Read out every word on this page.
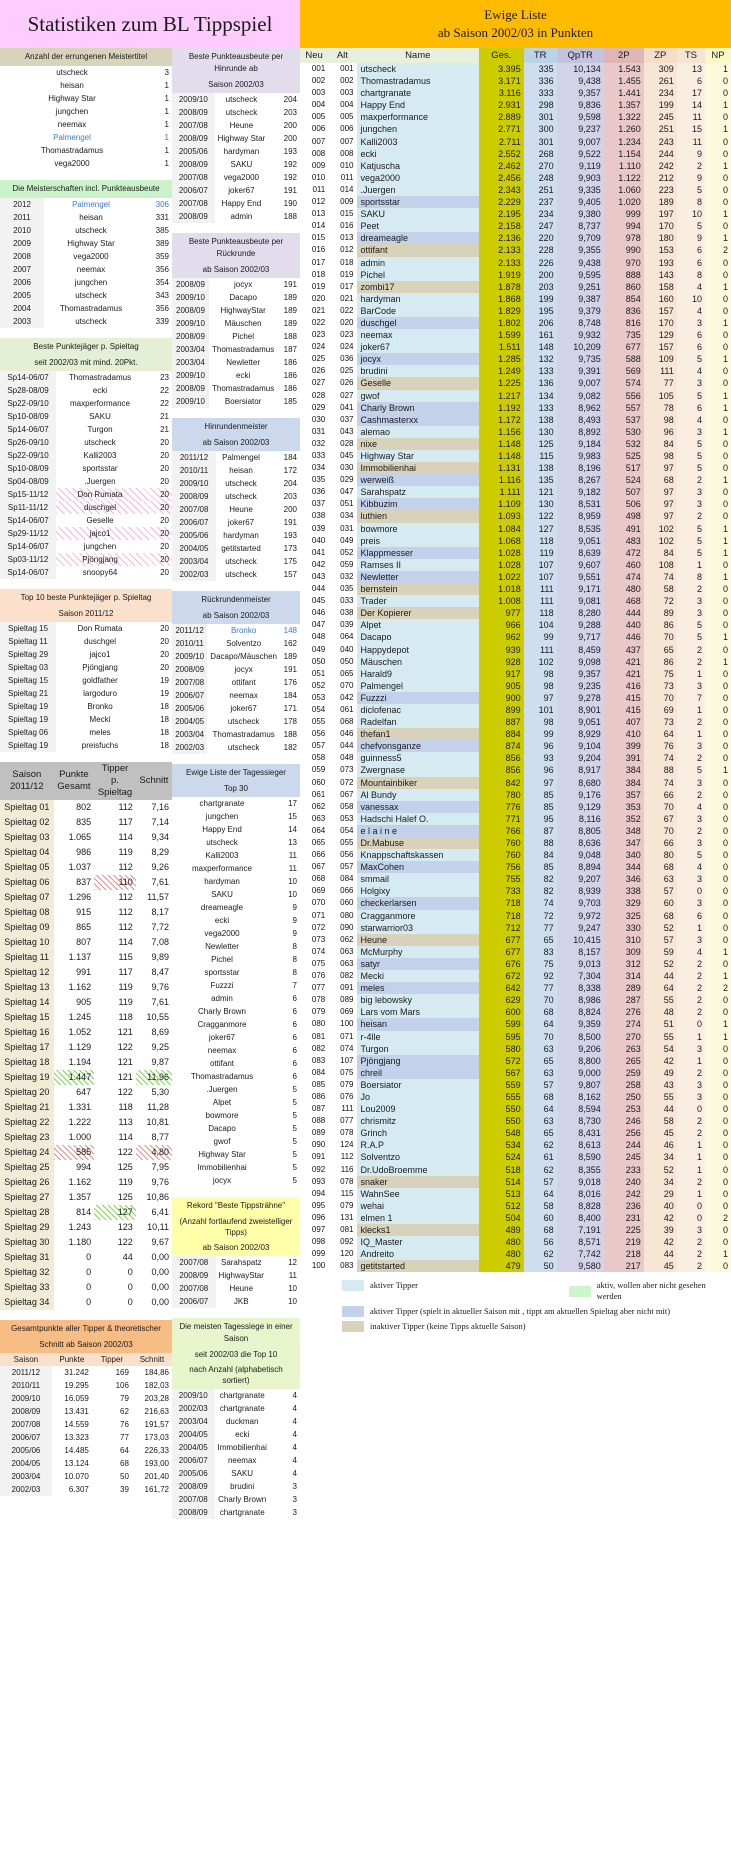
Statistiken zum BL Tippspiel	Ewige Liste
ab Saison 2002/03 in Punkten
Anzahl der errungenen Meistertitel
utscheck	3
heisan	1
Highway Star	1
jungchen	1
neemax	1
Palmengel	1
Thomastradamus	1
vega2000	1
Die Meisterschaften incl. Punkteausbeute
2012	Palmengel	306
2011	heisan	331
2010	utscheck	385
2009	Highway Star	389
2008	vega2000	359
2007	neemax	356
2006	jungchen	354
2005	utscheck	343
2004	Thomastradamus	356
2003	utscheck	339
Beste Punktejäger p. Spieltag
seit 2002/03 mit mind. 20Pkt.
Sp14-06/07	Thomastradamus	23
Sp28-08/09	ecki	22
Sp22-09/10	maxperformance	22
Sp10-08/09	SAKU	21
Sp14-06/07	Turgon	21
Sp26-09/10	utscheck	20
Sp22-09/10	Kalli2003	20
Sp10-08/09	sportsstar	20
Sp04-08/09	.Juergen	20
Sp15-11/12	Don Rumata	20
Sp11-11/12	duschgel	20
Sp14-06/07	Geselle	20
Sp29-11/12	jajco1	20
Sp14-06/07	jungchen	20
Sp03-11/12	Pjöngjang	20
Sp14-06/07	snoopy64	20
Top 10 beste Punktejäger p. Spieltag
Saison 2011/12
Spieltag 15	Don Rumata	20
Spieltag 11	duschgel	20
Spieltag 29	jajco1	20
Spieltag 03	Pjöngjang	20
Spieltag 15	goldfather	19
Spieltag 21	largoduro	19
Spieltag 19	Bronko	18
Spieltag 19	Mecki	18
Spieltag 06	meles	18
Spieltag 19	preisfuchs	18
Saison
2011/12

Punkte
Gesamt

Tipper p.
Spieltag
	Schnitt
Spieltag 01	802	112	7,16
Spieltag 02	835	117	7,14
Spieltag 03	1.065	114	9,34
Spieltag 04	986	119	8,29
Spieltag 05	1.037	112	9,26
Spieltag 06	837	110	7,61
Spieltag 07	1.296	112	11,57
Spieltag 08	915	112	8,17
Spieltag 09	865	112	7,72
Spieltag 10	807	114	7,08
Spieltag 11	1.137	115	9,89
Spieltag 12	991	117	8,47
Spieltag 13	1.162	119	9,76
Spieltag 14	905	119	7,61
Spieltag 15	1.245	118	10,55
Spieltag 16	1.052	121	8,69
Spieltag 17	1.129	122	9,25
Spieltag 18	1.194	121	9,87
Spieltag 19	1.447	121	11,96
Spieltag 20	647	122	5,30
Spieltag 21	1.331	118	11,28
Spieltag 22	1.222	113	10,81
Spieltag 23	1.000	114	8,77
Spieltag 24	585	122	4,80
Spieltag 25	994	125	7,95
Spieltag 26	1.162	119	9,76
Spieltag 27	1.357	125	10,86
Spieltag 28	814	127	6,41
Spieltag 29	1.243	123	10,11
Spieltag 30	1.180	122	9,67
Spieltag 31	0	44	0,00
Spieltag 32	0	0	0,00
Spieltag 33	0	0	0,00
Spieltag 34	0	0	0,00
Gesamtpunkte aller Tipper & theoretischer
Schnitt ab Saison 2002/03
Saison	Punkte	Tipper	Schnitt
2011/12	31.242	169	184,86
2010/11	19.295	106	182,03
2009/10	16.059	79	203,28
2008/09	13.431	62	216,63
2007/08	14.559	76	191,57
2006/07	13.323	77	173,03
2005/06	14.485	64	226,33
2004/05	13.124	68	193,00
2003/04	10.070	50	201,40
2002/03	6.307	39	161,72
Beste Punkteausbeute per Hinrunde ab
Saison 2002/03
2009/10	utscheck	204
2008/09	utscheck	203
2007/08	Heune	200
2008/09	Highway Star	200
2005/06	hardyman	193
2008/09	SAKU	192
2007/08	vega2000	192
2006/07	joker67	191
2007/08	Happy End	190
2008/09	admin	188
Beste Punkteausbeute per Rückrunde
ab Saison 2002/03
2008/09	jocyx	191
2009/10	Dacapo	189
2008/09	HighwayStar	189
2009/10	Mäuschen	189
2008/09	Pichel	188
2003/04	Thomastradamus	187
2003/04	Newletter	186
2009/10	ecki	186
2008/09	Thomastradamus	186
2009/10	Boersiator	185
Hinrundenmeister
ab Saison 2002/03
2011/12	Palmengel	184
2010/11	heisan	172
2009/10	utscheck	204
2008/09	utscheck	203
2007/08	Heune	200
2006/07	joker67	191
2005/06	hardyman	193
2004/05	getitstarted	173
2003/04	utscheck	175
2002/03	utscheck	157
Rückrundenmeister
ab Saison 2002/03
2011/12	Bronko	148
2010/11	Solventzo	162
2009/10	Dacapo/Mäuschen	189
2008/09	jocyx	191
2007/08	ottifant	176
2006/07	neemax	184
2005/06	joker67	171
2004/05	utscheck	178
2003/04	Thomastradamus	188
2002/03	utscheck	182
Ewige Liste der Tagessieger
Top 30
chartgranate	17
jungchen	15
Happy End	14
utscheck	13
Kalli2003	11
maxperformance	11
hardyman	10
SAKU	10
dreameagle	9
ecki	9
vega2000	9
Newletter	8
Pichel	8
sportsstar	8
Fuzzzi	7
admin	6
Charly Brown	6
Cragganmore	6
joker67	6
neemax	6
ottifant	6
Thomastradamus	6
.Juergen	5
Alpet	5
bowmore	5
Dacapo	5
gwof	5
Highway Star	5
Immobilienhai	5
jocyx	5
Rekord "Beste Tippsträhne"
(Anzahl fortlaufend zweistelliger Tipps)
ab Saison 2002/03
2007/08	Sarahspatz	12
2008/09	HighwayStar	11
2007/08	Heune	10
2006/07	JKB	10
Die meisten Tagessiege in einer Saison
seit 2002/03 die Top 10
nach Anzahl (alphabetisch sortiert)
2009/10	chartgranate	4
2002/03	chartgranate	4
2003/04	duckman	4
2004/05	ecki	4
2004/05	Immobilienhai	4
2006/07	neemax	4
2005/06	SAKU	4
2008/09	brudini	3
2007/08	Charly Brown	3
2008/09	chartgranate	3
Neu	Alt	Name	Ges.	TR	QpTR	2P	ZP	TS	NP
001	001	utscheck	3.395	335	10,134	1.543	309	13	1
002	002	Thomastradamus	3.171	336	9,438	1.455	261	6	0
003	003	chartgranate	3.116	333	9,357	1.441	234	17	0
004	004	Happy End	2.931	298	9,836	1.357	199	14	1
005	005	maxperformance	2.889	301	9,598	1.322	245	11	0
006	006	jungchen	2.771	300	9,237	1.260	251	15	1
007	007	Kalli2003	2.711	301	9,007	1.234	243	11	0
008	008	ecki	2.552	268	9,522	1.154	244	9	0
009	010	Katjuscha	2.462	270	9,119	1.110	242	2	1
010	011	vega2000	2.456	248	9,903	1.122	212	9	0
011	014	.Juergen	2.343	251	9,335	1.060	223	5	0
012	009	sportsstar	2.229	237	9,405	1.020	189	8	0
013	015	SAKU	2.195	234	9,380	999	197	10	1
014	016	Peet	2.158	247	8,737	994	170	5	0
015	013	dreameagle	2.136	220	9,709	978	180	9	1
016	012	ottifant	2.133	228	9,355	990	153	6	2
017	018	admin	2.133	226	9,438	970	193	6	0
018	019	Pichel	1.919	200	9,595	888	143	8	0
019	017	zombi17	1.878	203	9,251	860	158	4	1
020	021	hardyman	1.868	199	9,387	854	160	10	0
021	022	BarCode	1.829	195	9,379	836	157	4	0
022	020	duschgel	1.802	206	8,748	816	170	3	1
023	023	neemax	1.599	161	9,932	735	129	6	0
024	024	joker67	1.511	148	10,209	677	157	6	0
025	036	jocyx	1.285	132	9,735	588	109	5	1
026	025	brudini	1.249	133	9,391	569	111	4	0
027	026	Geselle	1.225	136	9,007	574	77	3	0
028	027	gwof	1.217	134	9,082	556	105	5	1
029	041	Charly Brown	1.192	133	8,962	557	78	6	1
030	037	Cashmasterxx	1.172	138	8,493	537	98	4	0
031	043	alemao	1.156	130	8,892	530	96	3	1
032	028	nixe	1.148	125	9,184	532	84	5	0
033	045	Highway Star	1.148	115	9,983	525	98	5	0
034	030	Immobilienhai	1.131	138	8,196	517	97	5	0
035	029	werweiß	1.116	135	8,267	524	68	2	1
036	047	Sarahspatz	1.111	121	9,182	507	97	3	0
037	051	Kibbuzim	1.109	130	8,531	506	97	3	0
038	034	luthien	1.093	122	8,959	498	97	2	0
039	031	bowmore	1.084	127	8,535	491	102	5	1
040	049	preis	1.068	118	9,051	483	102	5	1
041	052	Klappmesser	1.028	119	8,639	472	84	5	1
042	059	Ramses II	1.028	107	9,607	460	108	1	0
043	032	Newletter	1.022	107	9,551	474	74	8	1
044	035	bernstein	1.018	111	9,171	480	58	2	0
045	033	Trader	1.008	111	9,081	468	72	3	0
046	038	Der Kopierer	977	118	8,280	444	89	3	0
047	039	Alpet	966	104	9,288	440	86	5	0
048	064	Dacapo	962	99	9,717	446	70	5	1
049	040	Happydepot	939	111	8,459	437	65	2	0
050	050	Mäuschen	928	102	9,098	421	86	2	1
051	065	Harald9	917	98	9,357	421	75	1	0
052	070	Palmengel	905	98	9,235	416	73	3	0
053	042	Fuzzzi	900	97	9,278	415	70	7	0
054	061	diclofenac	899	101	8,901	415	69	1	0
055	068	Radelfan	887	98	9,051	407	73	2	0
056	046	thefan1	884	99	8,929	410	64	1	0
057	044	chefvonsganze	874	96	9,104	399	76	3	0
058	048	guinness5	856	93	9,204	391	74	2	0
059	073	Zwergnase	856	96	8,917	384	88	5	1
060	072	Mountainbiker	842	97	8,680	384	74	3	0
061	067	Al Bundy	780	85	9,176	357	66	2	0
062	058	vanessax	776	85	9,129	353	70	4	0
063	053	Hadschi Halef O.	771	95	8,116	352	67	3	0
064	054	e l a i n e	766	87	8,805	348	70	2	0
065	055	Dr.Mabuse	760	88	8,636	347	66	3	0
066	056	Knappschaftskassen	760	84	9,048	340	80	5	0
067	057	MaxCohen	756	85	8,894	344	68	4	0
068	084	smmail	755	82	9,207	346	63	3	0
069	066	Holgixy	733	82	8,939	338	57	0	0
070	060	checkerlarsen	718	74	9,703	329	60	3	0
071	080	Cragganmore	718	72	9,972	325	68	6	0
072	090	starwarrior03	712	77	9,247	330	52	1	0
073	062	Heune	677	65	10,415	310	57	3	0
074	063	McMurphy	677	83	8,157	309	59	4	1
075	063	satyr	676	75	9,013	312	52	2	0
076	082	Mecki	672	92	7,304	314	44	2	1
077	091	meles	642	77	8,338	289	64	2	2
078	089	big lebowsky	629	70	8,986	287	55	2	0
079	069	Lars vom Mars	600	68	8,824	276	48	2	0
080	100	heisan	599	64	9,359	274	51	0	1
081	071	r-4lle	595	70	8,500	270	55	1	1
082	074	Turgon	580	63	9,206	263	54	3	0
083	107	Pjöngjang	572	65	8,800	265	42	1	0
084	075	chreil	567	63	9,000	259	49	2	0
085	079	Boersiator	559	57	9,807	258	43	3	0
086	076	Jo	555	68	8,162	250	55	3	0
087	111	Lou2009	550	64	8,594	253	44	0	0
088	077	chrismitz	550	63	8,730	246	58	2	0
089	078	Grinch	548	65	8,431	256	45	2	0
090	124	R.A.P	534	62	8,613	244	46	1	0
091	112	Solventzo	524	61	8,590	245	34	1	0
092	116	Dr.UdoBroemme	518	62	8,355	233	52	1	0
093	078	snaker	514	57	9,018	240	34	2	0
094	115	WahnSee	513	64	8,016	242	29	1	0
095	079	wehai	512	58	8,828	236	40	0	0
096	131	elmen 1	504	60	8,400	231	42	0	2
097	081	klecks1	489	68	7,191	225	39	3	0
098	092	IQ_Master	480	56	8,571	219	42	2	0
099	120	Andreito	480	62	7,742	218	44	2	1
100	083	getitstarted	479	50	9,580	217	45	2	0
aktiver Tipper	aktiv, wollen aber nicht gesehen werden
aktiver Tipper (spielt in aktueller Saison mit , tippt am aktuellen Spieltag aber nicht mit)
inaktiver Tipper (keine Tipps aktuelle Saison)
